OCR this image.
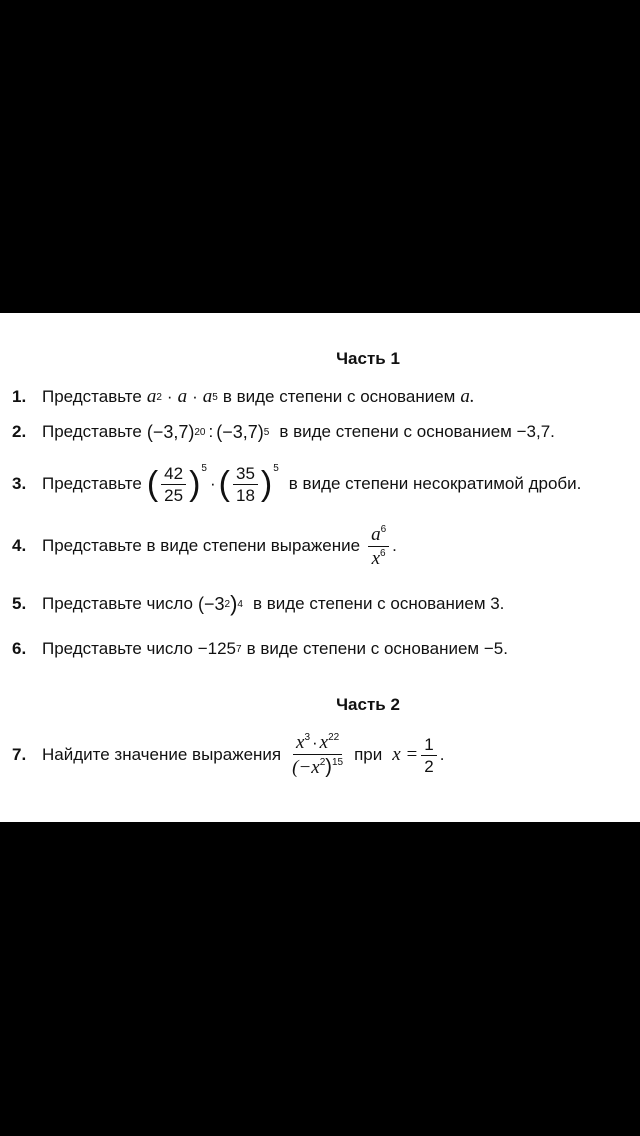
Часть 1
1. Представьте a 2 · a · a 5 в виде степени с основанием a.
2. Представьте (−3,7) 20 : (−3,7) 5 в виде степени с основанием −3,7.
3. Представьте ( $\frac{42}{25}$ ) 5
· ( $\frac{35}{18}$ ) 5
в виде степени несократимой дроби.
4. Представьте в виде степени выражение $\frac{a^6}{x^6}$ .
5. Представьте число (−3 2 ) 4 в виде степени с основанием 3.
6. Представьте число −125 7 в виде степени с основанием −5.
Часть 2
7. Найдите значение выражения $\frac{x^3 \cdot x^{22}}{(-x^2)^{15}}$ при $x = \frac{1}{2}$ .
